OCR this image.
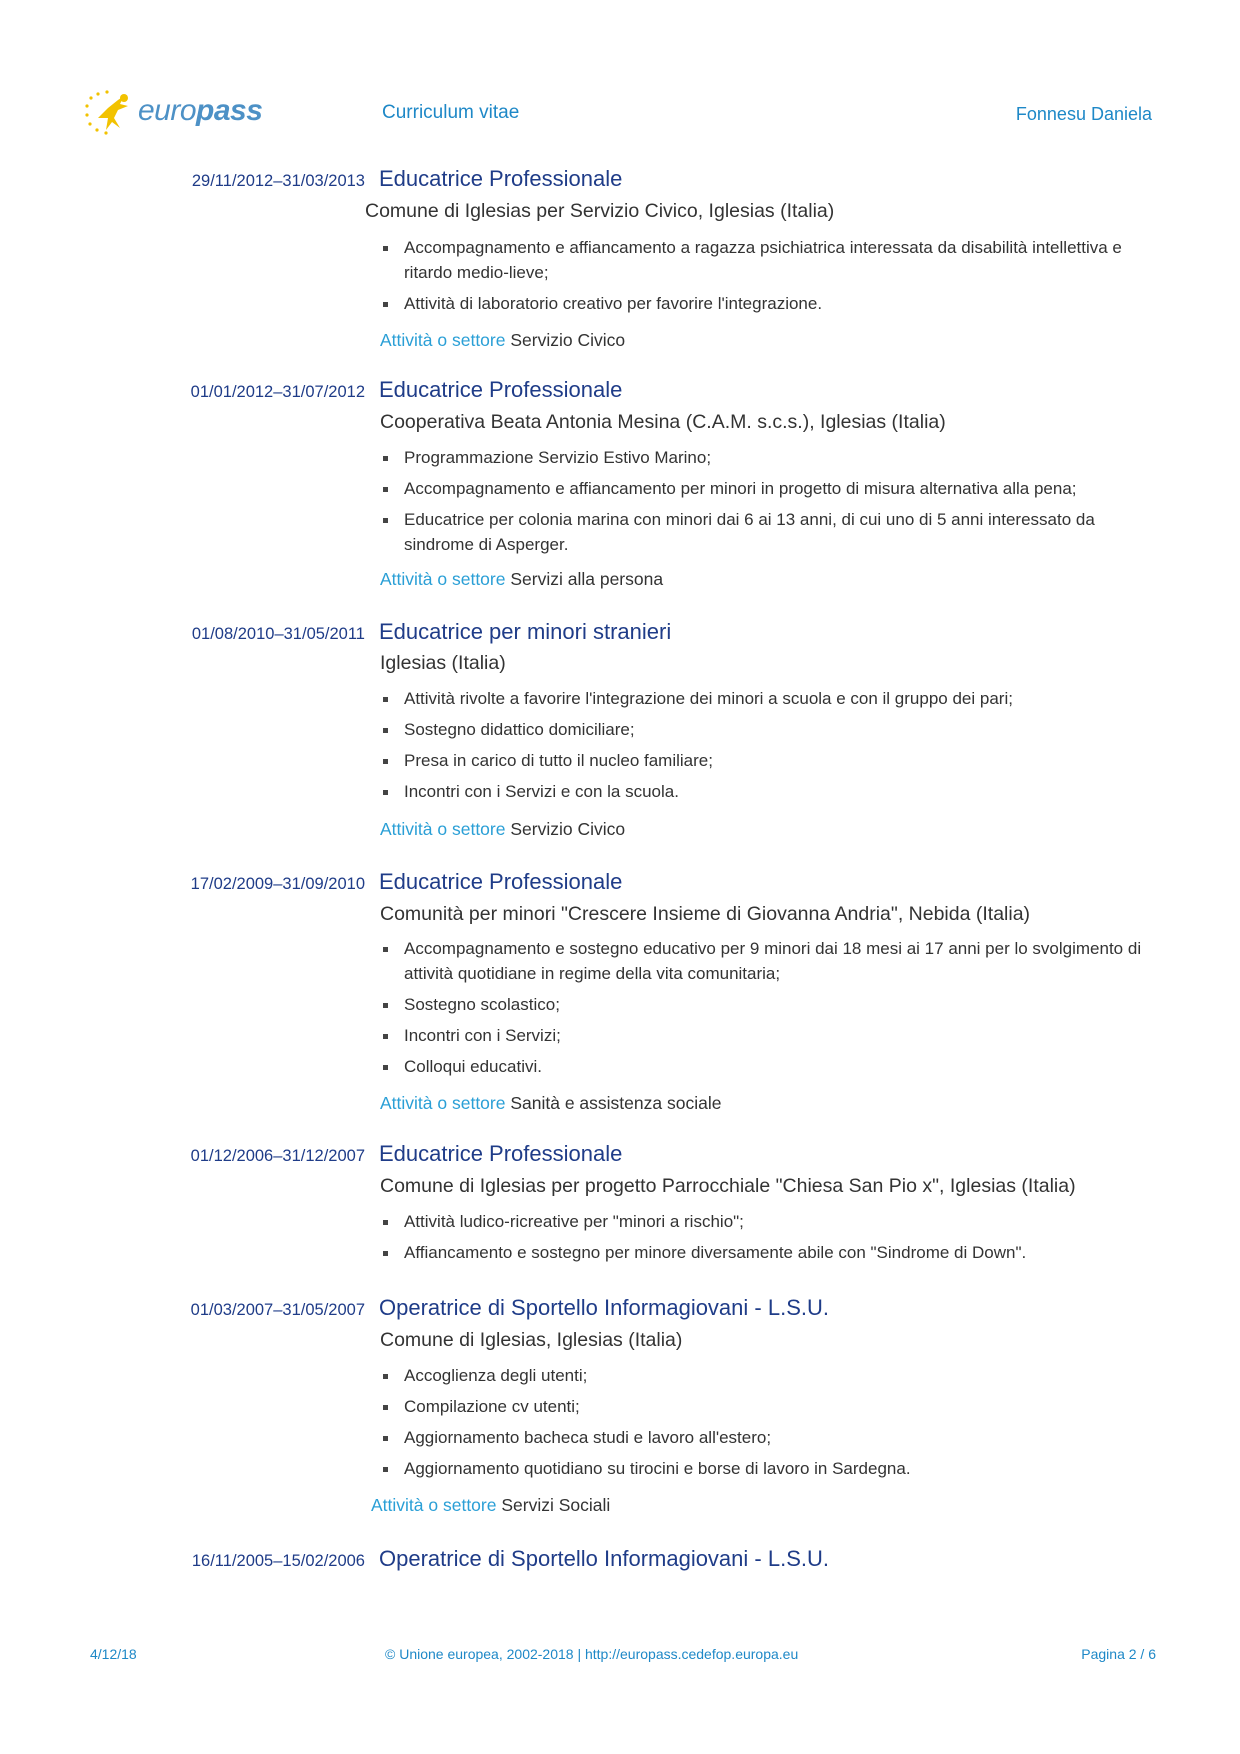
europass	Curriculum vitae	Fonnesu Daniela
29/11/2012–31/03/2013 Educatrice Professionale
Comune di Iglesias per Servizio Civico, Iglesias (Italia)
Accompagnamento e affiancamento a ragazza psichiatrica interessata da disabilità intellettiva e ritardo medio-lieve;
Attività di laboratorio creativo per favorire l'integrazione.
Attività o settore Servizio Civico
01/01/2012–31/07/2012 Educatrice Professionale
Cooperativa Beata Antonia Mesina (C.A.M. s.c.s.), Iglesias (Italia)
Programmazione Servizio Estivo Marino;
Accompagnamento e affiancamento per minori in progetto di misura alternativa alla pena;
Educatrice per colonia marina con minori dai 6 ai 13 anni, di cui uno di 5 anni interessato da sindrome di Asperger.
Attività o settore Servizi alla persona
01/08/2010–31/05/2011 Educatrice per minori stranieri
Iglesias (Italia)
Attività rivolte a favorire l'integrazione dei minori a scuola e con il gruppo dei pari;
Sostegno didattico domiciliare;
Presa in carico di tutto il nucleo familiare;
Incontri con i Servizi e con la scuola.
Attività o settore Servizio Civico
17/02/2009–31/09/2010 Educatrice Professionale
Comunità per minori "Crescere Insieme di Giovanna Andria", Nebida (Italia)
Accompagnamento e sostegno educativo per 9 minori dai 18 mesi ai 17 anni per lo svolgimento di attività quotidiane in regime della vita comunitaria;
Sostegno scolastico;
Incontri con i Servizi;
Colloqui educativi.
Attività o settore Sanità e assistenza sociale
01/12/2006–31/12/2007 Educatrice Professionale
Comune di Iglesias per progetto Parrocchiale "Chiesa San Pio x", Iglesias (Italia)
Attività ludico-ricreative per "minori a rischio";
Affiancamento e sostegno per minore diversamente abile con "Sindrome di Down".
01/03/2007–31/05/2007 Operatrice di Sportello Informagiovani - L.S.U.
Comune di Iglesias, Iglesias (Italia)
Accoglienza degli utenti;
Compilazione cv utenti;
Aggiornamento bacheca studi e lavoro all'estero;
Aggiornamento quotidiano su tirocini e borse di lavoro in Sardegna.
Attività o settore Servizi Sociali
16/11/2005–15/02/2006 Operatrice di Sportello Informagiovani - L.S.U.
4/12/18	© Unione europea, 2002-2018 | http://europass.cedefop.europa.eu	Pagina 2 / 6
